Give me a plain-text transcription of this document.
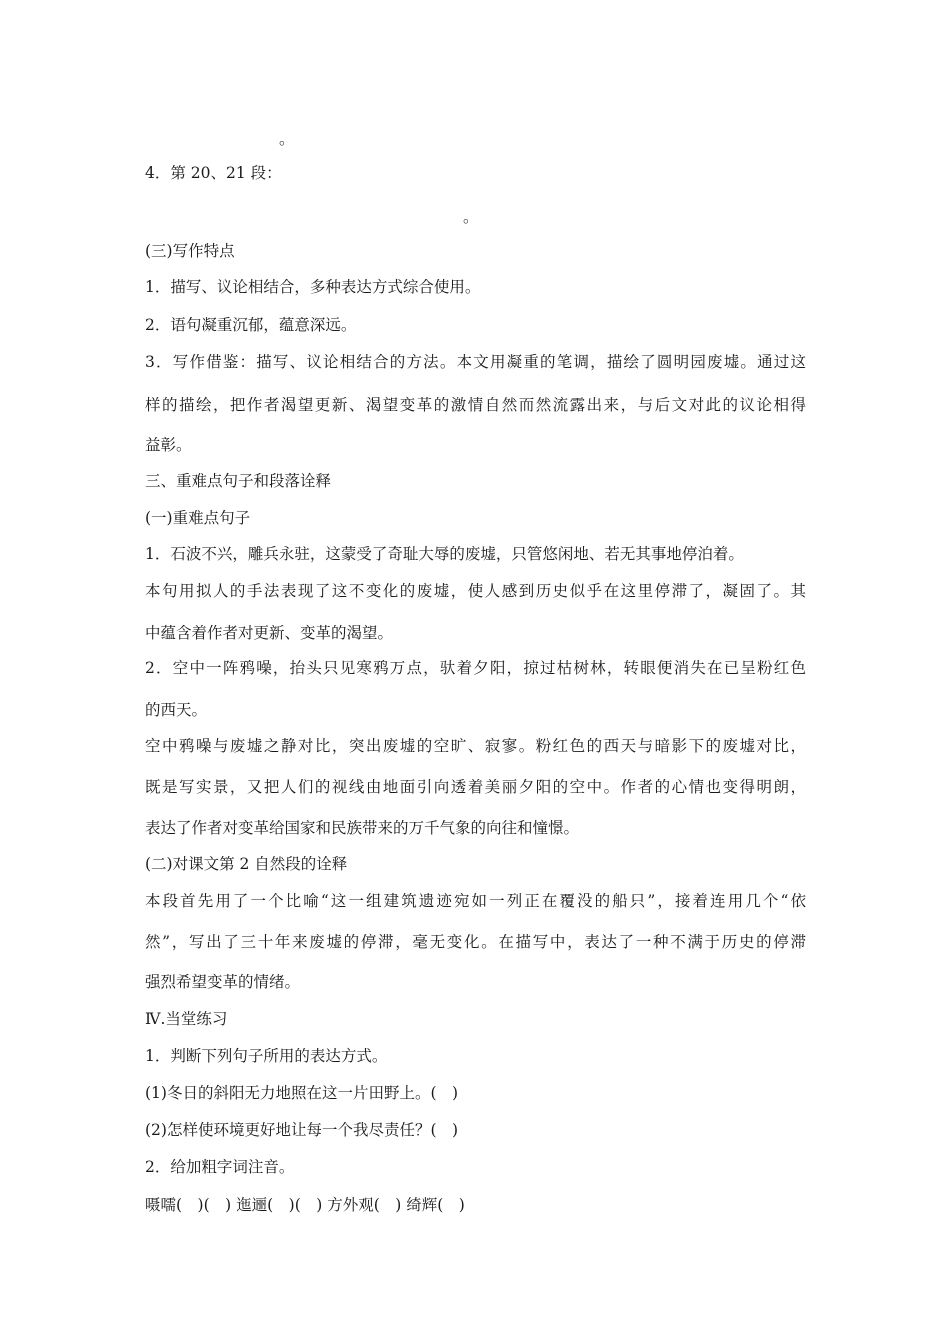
。

4．第 20、21 段：

。

(三)写作特点

1．描写、议论相结合，多种表达方式综合使用。

2．语句凝重沉郁，蕴意深远。

3．写作借鉴：描写、议论相结合的方法。本文用凝重的笔调，描绘了圆明园废墟。通过这

样的描绘，把作者渴望更新、渴望变革的激情自然而然流露出来，与后文对此的议论相得

益彰。

三、重难点句子和段落诠释

(一)重难点句子

1．石波不兴，雕兵永驻，这蒙受了奇耻大辱的废墟，只管悠闲地、若无其事地停泊着。

本句用拟人的手法表现了这不变化的废墟，使人感到历史似乎在这里停滞了，凝固了。其

中蕴含着作者对更新、变革的渴望。

2．空中一阵鸦噪，抬头只见寒鸦万点，驮着夕阳，掠过枯树林，转眼便消失在已呈粉红色

的西天。

空中鸦噪与废墟之静对比，突出废墟的空旷、寂寥。粉红色的西天与暗影下的废墟对比，

既是写实景，又把人们的视线由地面引向透着美丽夕阳的空中。作者的心情也变得明朗，

表达了作者对变革给国家和民族带来的万千气象的向往和憧憬。

(二)对课文第 2 自然段的诠释

本段首先用了一个比喻“这一组建筑遗迹宛如一列正在覆没的船只”，接着连用几个“依

然”，写出了三十年来废墟的停滞，毫无变化。在描写中，表达了一种不满于历史的停滞

强烈希望变革的情绪。

Ⅳ.当堂练习

1．判断下列句子所用的表达方式。

(1)冬日的斜阳无力地照在这一片田野上。(　)

(2)怎样使环境更好地让每一个我尽责任？(　)

2．给加粗字词注音。

嗫嚅(　)(　) 迤逦(　)(　) 方外观(　) 绮辉(　)
